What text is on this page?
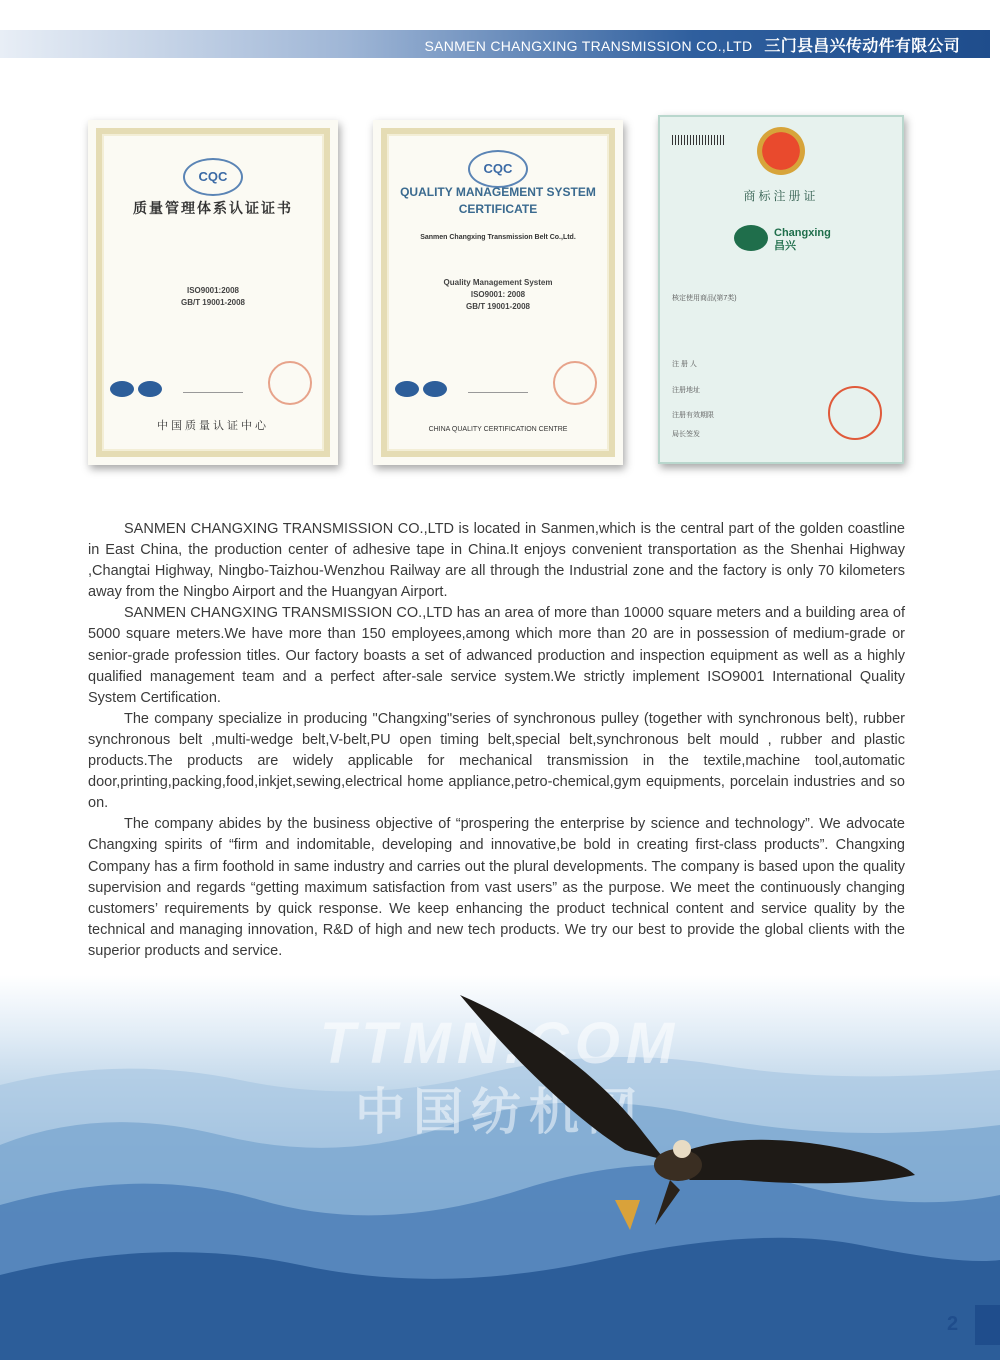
SANMEN CHANGXING TRANSMISSION CO.,LTD 三门县昌兴传动件有限公司
CQC
质量管理体系认证证书
ISO9001:2008
GB/T 19001-2008
中国质量认证中心
CQC
QUALITY MANAGEMENT SYSTEM CERTIFICATE
Sanmen Changxing Transmission Belt Co.,Ltd.
Quality Management System
ISO9001: 2008
GB/T 19001-2008
CHINA QUALITY CERTIFICATION CENTRE
商标注册证
Changxing
昌兴
核定使用商品(第7类)
注 册 人
注册地址
注册有效期限
局长签发

SANMEN CHANGXING TRANSMISSION CO.,LTD is located in Sanmen,which is the central part of the golden coastline in East China, the production center of adhesive tape in China.It enjoys convenient transportation as the Shenhai Highway ,Changtai Highway, Ningbo-Taizhou-Wenzhou Railway are all through the Industrial zone and the factory is only 70 kilometers away from the Ningbo Airport and the Huangyan Airport.

SANMEN CHANGXING TRANSMISSION CO.,LTD has an area of more than 10000 square meters and a building area of 5000 square meters.We have more than 150 employees,among which more than 20 are in possession of medium-grade or senior-grade profession titles. Our factory boasts a set of adwanced production and inspection equipment as well as a highly qualified management team and a perfect after-sale service system.We strictly implement ISO9001 International Quality System Certification.

The company specialize in producing "Changxing"series of synchronous pulley (together with synchronous belt), rubber synchronous belt ,multi-wedge belt,V-belt,PU open timing belt,special belt,synchronous belt mould , rubber and plastic products.The products are widely applicable for mechanical transmission in the textile,machine tool,automatic door,printing,packing,food,inkjet,sewing,electrical home appliance,petro-chemical,gym equipments, porcelain industries and so on.

The company abides by the business objective of “prospering the enterprise by science and technology”. We advocate Changxing spirits of “firm and indomitable, developing and innovative,be bold in creating first-class products”. Changxing Company has a firm foothold in same industry and carries out the plural developments. The company is based upon the quality supervision and regards “getting maximum satisfaction from vast users” as the purpose. We meet the continuously changing customers’ requirements by quick response. We keep enhancing the product technical content and service quality by the technical and managing innovation, R&D of high and new tech products. We try our best to provide the global clients with the superior products and service.

TTMN.COM
中国纺机网
2
